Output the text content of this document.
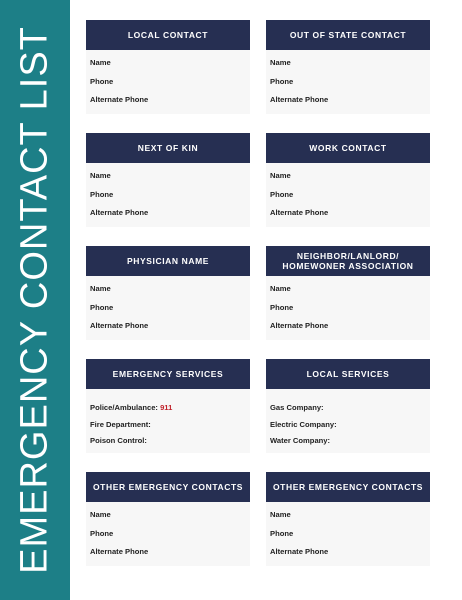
EMERGENCY CONTACT LIST	LOCAL CONTACT
Name
Phone
Alternate Phone
OUT OF STATE CONTACT
Name
Phone
Alternate Phone
NEXT OF KIN
Name
Phone
Alternate Phone
WORK CONTACT
Name
Phone
Alternate Phone
PHYSICIAN NAME
Name
Phone
Alternate Phone
NEIGHBOR/LANLORD/ HOMEWONER ASSOCIATION
Name
Phone
Alternate Phone
EMERGENCY SERVICES
Police/Ambulance: 911
Fire Department:
Poison Control:
LOCAL SERVICES
Gas Company:
Electric Company:
Water Company:
OTHER EMERGENCY CONTACTS
Name
Phone
Alternate Phone
OTHER EMERGENCY CONTACTS
Name
Phone
Alternate Phone
